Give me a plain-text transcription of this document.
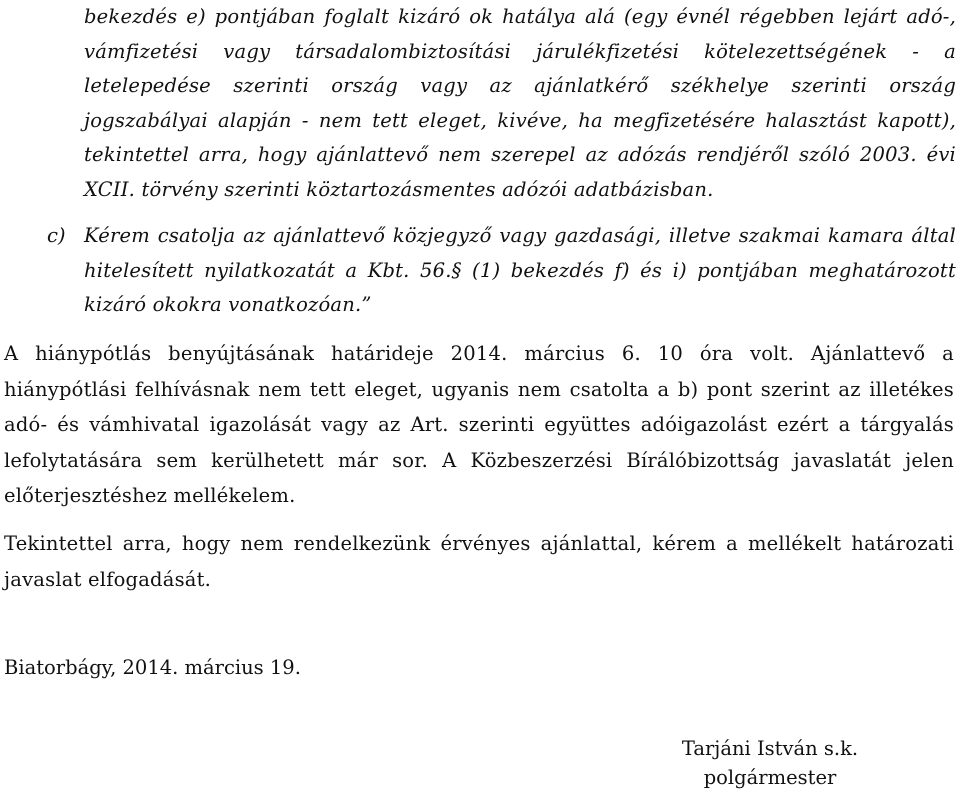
bekezdés e) pontjában foglalt kizáró ok hatálya alá (egy évnél régebben lejárt adó-, vámfizetési vagy társadalombiztosítási járulékfizetési kötelezettségének - a letelepedése szerinti ország vagy az ajánlatkérő székhelye szerinti ország jogszabályai alapján - nem tett eleget, kivéve, ha megfizetésére halasztást kapott), tekintettel arra, hogy ajánlattevő nem szerepel az adózás rendjéről szóló 2003. évi XCII. törvény szerinti köztartozásmentes adózói adatbázisban.

c) Kérem csatolja az ajánlattevő közjegyző vagy gazdasági, illetve szakmai kamara által hitelesített nyilatkozatát a Kbt. 56.§ (1) bekezdés f) és i) pontjában meghatározott kizáró okokra vonatkozóan.”

A hiánypótlás benyújtásának határideje 2014. március 6. 10 óra volt. Ajánlattevő a hiánypótlási felhívásnak nem tett eleget, ugyanis nem csatolta a b) pont szerint az illetékes adó- és vámhivatal igazolását vagy az Art. szerinti együttes adóigazolást ezért a tárgyalás lefolytatására sem kerülhetett már sor. A Közbeszerzési Bírálóbizottság javaslatát jelen előterjesztéshez mellékelem.

Tekintettel arra, hogy nem rendelkezünk érvényes ajánlattal, kérem a mellékelt határozati javaslat elfogadását.

Biatorbágy, 2014. március 19.
Tarjáni István s.k.
polgármester
